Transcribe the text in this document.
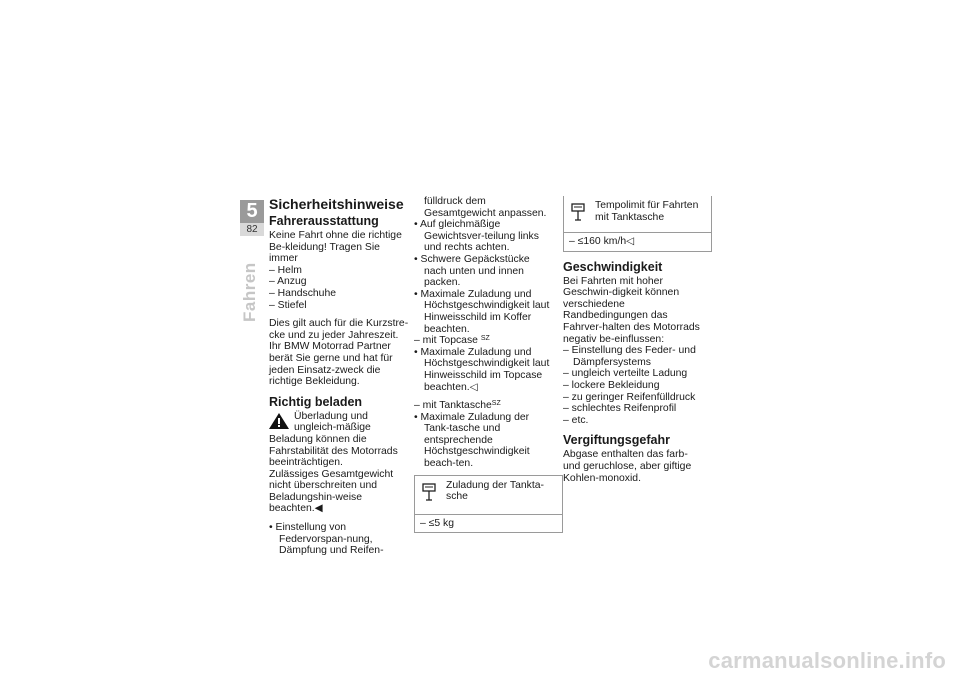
5
82
Fahren
Sicherheitshinweise
Fahrerausstattung

Keine Fahrt ohne die richtige Be-kleidung! Tragen Sie immer

– Helm

– Anzug

– Handschuhe

– Stiefel

Dies gilt auch für die Kurzstre-cke und zu jeder Jahreszeit. Ihr BMW Motorrad Partner berät Sie gerne und hat für jeden Einsatz-zweck die richtige Bekleidung.

Richtig beladen

Überladung und ungleich-mäßige Beladung können die Fahrstabilität des Motorrads beeinträchtigen.

Zulässiges Gesamtgewicht nicht überschreiten und Beladungshin-weise beachten.◀

• Einstellung von Federvorspan-nung, Dämpfung und Reifen-

fülldruck dem Gesamtgewicht anpassen.

• Auf gleichmäßige Gewichtsver-teilung links und rechts achten.

• Schwere Gepäckstücke nach unten und innen packen.

• Maximale Zuladung und Höchstgeschwindigkeit laut Hinweisschild im Koffer beachten.

– mit Topcase $^{SZ}$

• Maximale Zuladung und Höchstgeschwindigkeit laut Hinweisschild im Topcase beachten.◁

– mit Tanktasche$^{SZ}$

• Maximale Zuladung der Tank-tasche und entsprechende Höchstgeschwindigkeit beach-ten.

Zuladung der Tankta-sche
– ≤5 kg
Tempolimit für Fahrten mit Tanktasche
– ≤160 km/h◁
Geschwindigkeit

Bei Fahrten mit hoher Geschwin-digkeit können verschiedene Randbedingungen das Fahrver-halten des Motorrads negativ be-einflussen:

– Einstellung des Feder- und Dämpfersystems

– ungleich verteilte Ladung

– lockere Bekleidung

– zu geringer Reifenfülldruck

– schlechtes Reifenprofil

– etc.

Vergiftungsgefahr

Abgase enthalten das farb- und geruchlose, aber giftige Kohlen-monoxid.

carmanualsonline.info
